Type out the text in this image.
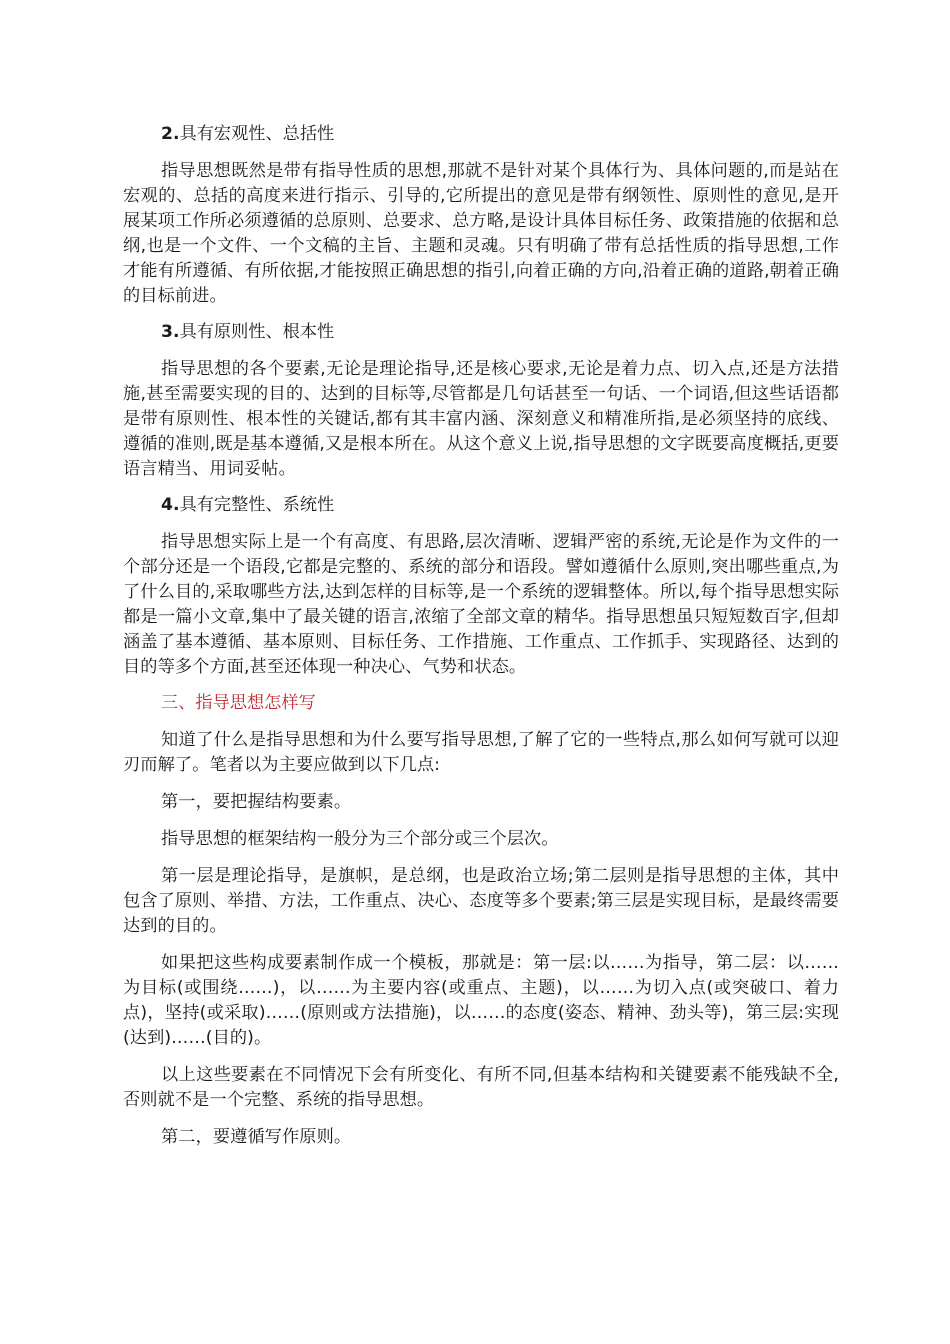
2.具有宏观性、总括性

指导思想既然是带有指导性质的思想,那就不是针对某个具体行为、具体问题的,而是站在宏观的、总括的高度来进行指示、引导的,它所提出的意见是带有纲领性、原则性的意见,是开展某项工作所必须遵循的总原则、总要求、总方略,是设计具体目标任务、政策措施的依据和总纲,也是一个文件、一个文稿的主旨、主题和灵魂。只有明确了带有总括性质的指导思想,工作才能有所遵循、有所依据,才能按照正确思想的指引,向着正确的方向,沿着正确的道路,朝着正确的目标前进。

3.具有原则性、根本性

指导思想的各个要素,无论是理论指导,还是核心要求,无论是着力点、切入点,还是方法措施,甚至需要实现的目的、达到的目标等,尽管都是几句话甚至一句话、一个词语,但这些话语都是带有原则性、根本性的关键话,都有其丰富内涵、深刻意义和精准所指,是必须坚持的底线、遵循的准则,既是基本遵循,又是根本所在。从这个意义上说,指导思想的文字既要高度概括,更要语言精当、用词妥帖。

4.具有完整性、系统性

指导思想实际上是一个有高度、有思路,层次清晰、逻辑严密的系统,无论是作为文件的一个部分还是一个语段,它都是完整的、系统的部分和语段。譬如遵循什么原则,突出哪些重点,为了什么目的,采取哪些方法,达到怎样的目标等,是一个系统的逻辑整体。所以,每个指导思想实际都是一篇小文章,集中了最关键的语言,浓缩了全部文章的精华。指导思想虽只短短数百字,但却涵盖了基本遵循、基本原则、目标任务、工作措施、工作重点、工作抓手、实现路径、达到的目的等多个方面,甚至还体现一种决心、气势和状态。

三、指导思想怎样写

知道了什么是指导思想和为什么要写指导思想,了解了它的一些特点,那么如何写就可以迎刃而解了。笔者以为主要应做到以下几点:

第一，要把握结构要素。

指导思想的框架结构一般分为三个部分或三个层次。

第一层是理论指导，是旗帜，是总纲，也是政治立场;第二层则是指导思想的主体，其中包含了原则、举措、方法，工作重点、决心、态度等多个要素;第三层是实现目标，是最终需要达到的目的。

如果把这些构成要素制作成一个模板，那就是：第一层:以……为指导，第二层：以……为目标(或围绕……)，以……为主要内容(或重点、主题)，以……为切入点(或突破口、着力点)，坚持(或采取)……(原则或方法措施)，以……的态度(姿态、精神、劲头等)，第三层:实现(达到)……(目的)。

以上这些要素在不同情况下会有所变化、有所不同,但基本结构和关键要素不能残缺不全,否则就不是一个完整、系统的指导思想。

第二，要遵循写作原则。
